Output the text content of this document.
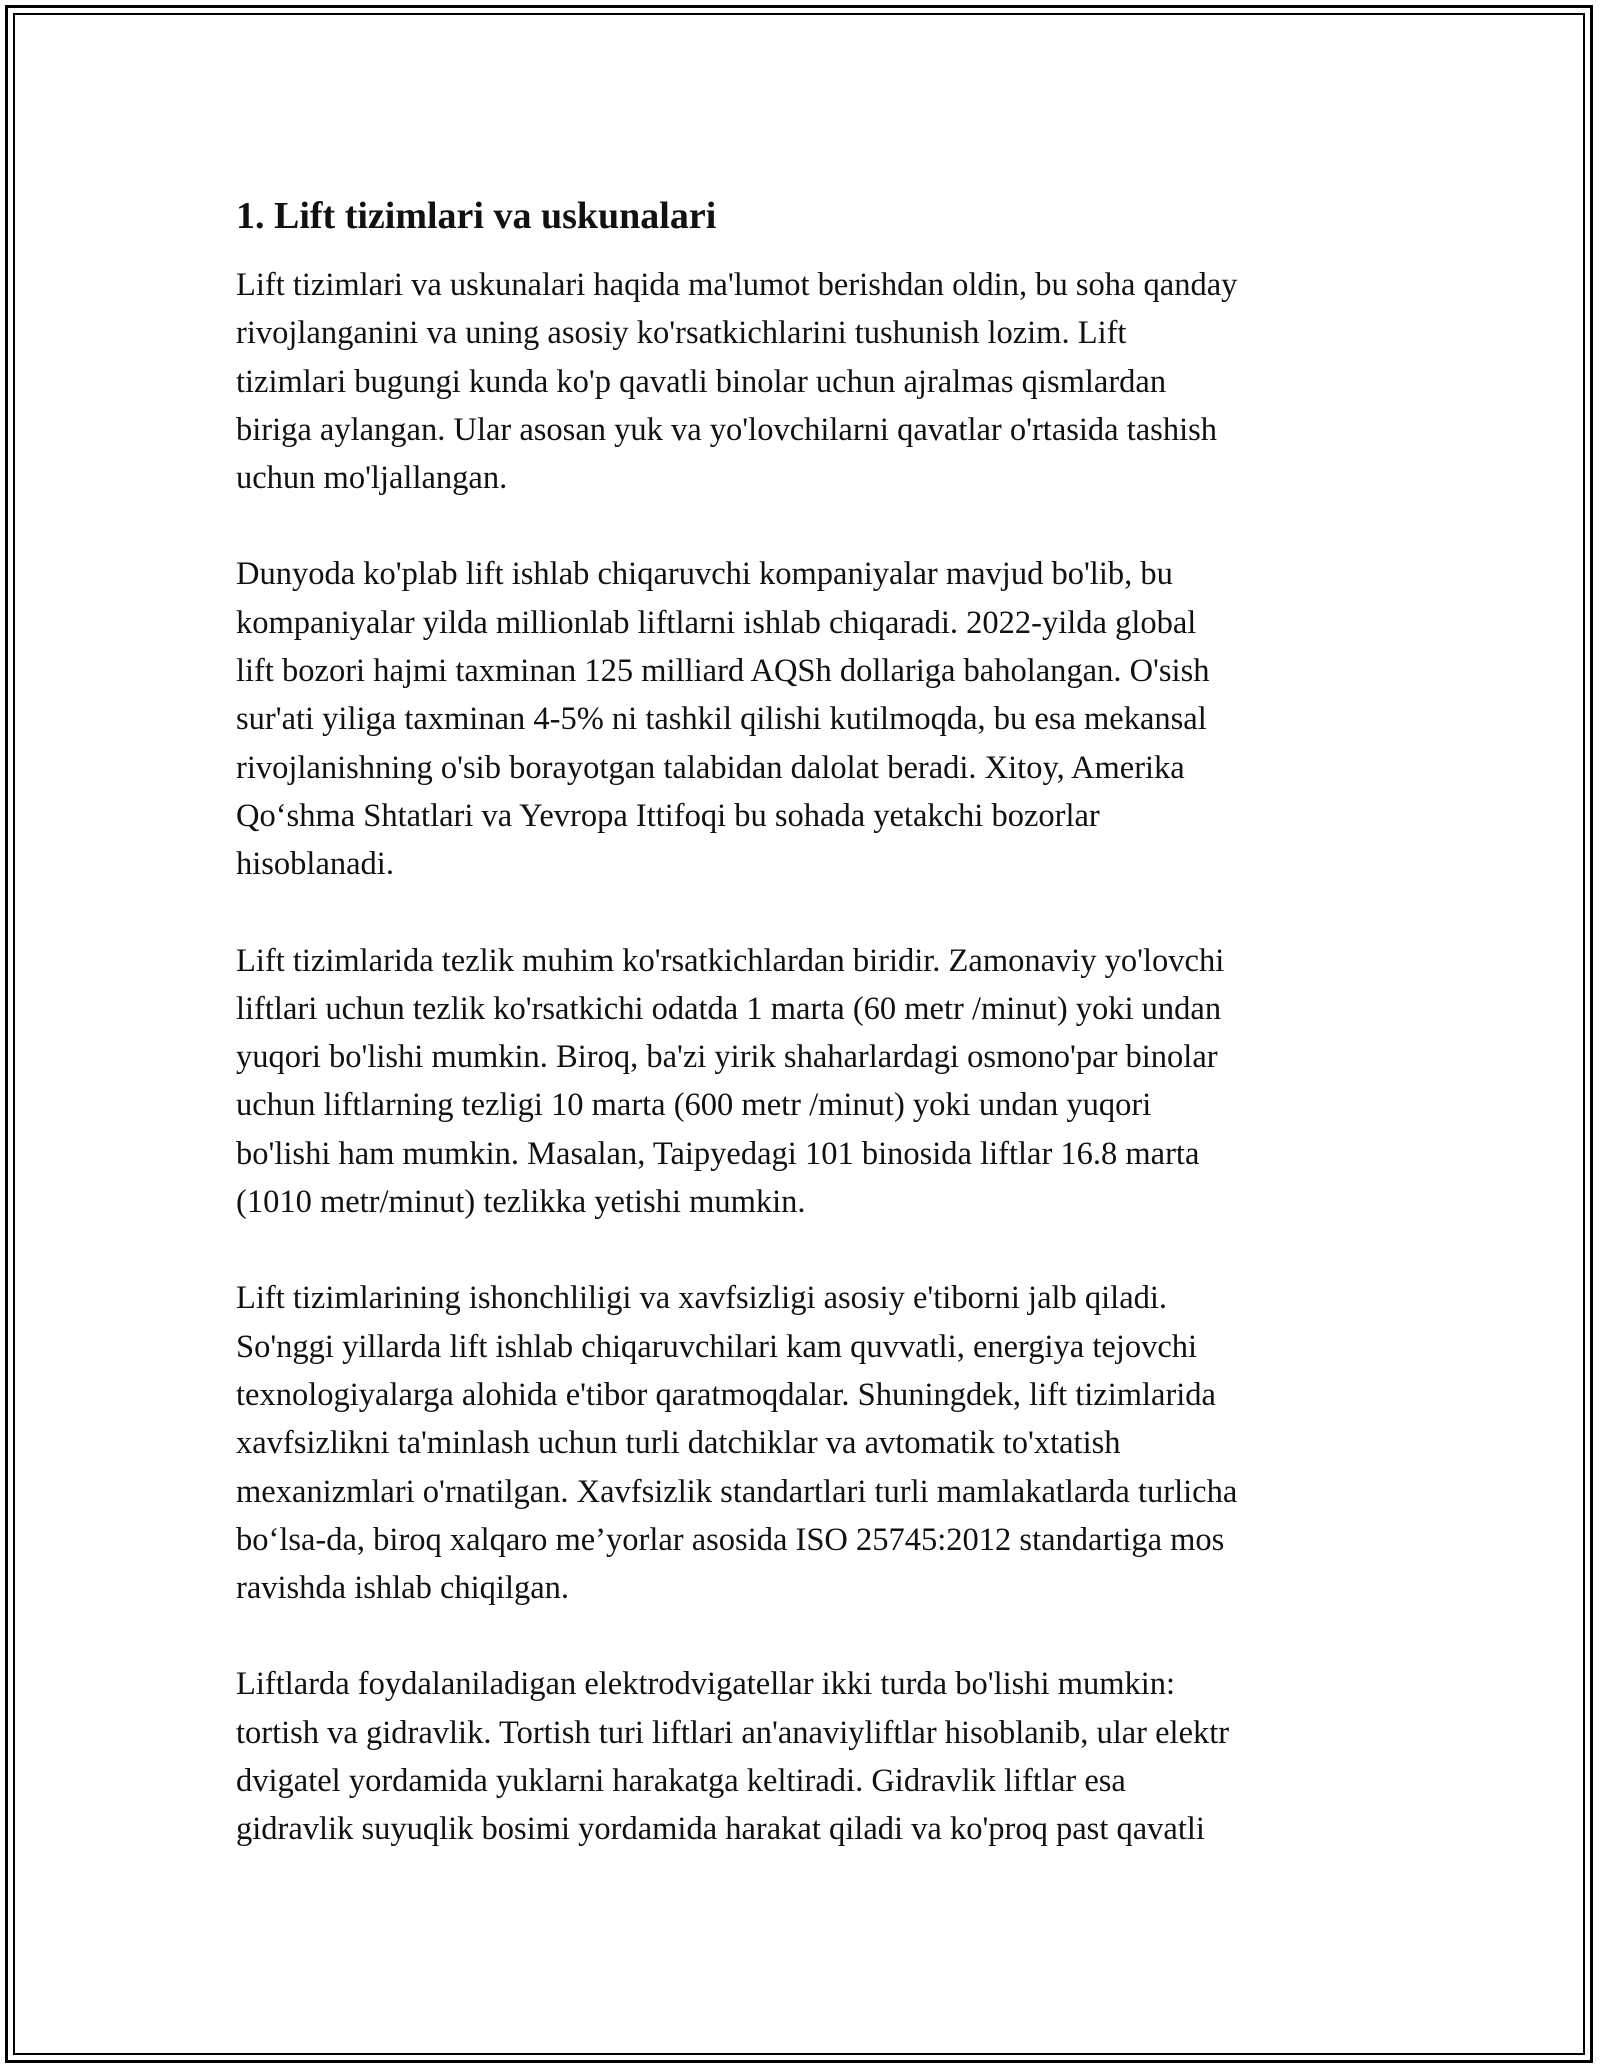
1. Lift tizimlari va uskunalari
Lift tizimlari va uskunalari haqida ma'lumot berishdan oldin, bu soha qanday
rivojlanganini va uning asosiy ko'rsatkichlarini tushunish lozim. Lift
tizimlari bugungi kunda ko'p qavatli binolar uchun ajralmas qismlardan
biriga aylangan. Ular asosan yuk va yo'lovchilarni qavatlar o'rtasida tashish
uchun mo'ljallangan.
Dunyoda ko'plab lift ishlab chiqaruvchi kompaniyalar mavjud bo'lib, bu
kompaniyalar yilda millionlab liftlarni ishlab chiqaradi. 2022-yilda global
lift bozori hajmi taxminan 125 milliard AQSh dollariga baholangan. O'sish
sur'ati yiliga taxminan 4-5% ni tashkil qilishi kutilmoqda, bu esa mekansal
rivojlanishning o'sib borayotgan talabidan dalolat beradi. Xitoy, Amerika
Qo‘shma Shtatlari va Yevropa Ittifoqi bu sohada yetakchi bozorlar
hisoblanadi.
Lift tizimlarida tezlik muhim ko'rsatkichlardan biridir. Zamonaviy yo'lovchi
liftlari uchun tezlik ko'rsatkichi odatda 1 marta (60 metr /minut) yoki undan
yuqori bo'lishi mumkin. Biroq, ba'zi yirik shaharlardagi osmono'par binolar
uchun liftlarning tezligi 10 marta (600 metr /minut) yoki undan yuqori
bo'lishi ham mumkin. Masalan, Taipyedagi 101 binosida liftlar 16.8 marta
(1010 metr/minut) tezlikka yetishi mumkin.
Lift tizimlarining ishonchliligi va xavfsizligi asosiy e'tiborni jalb qiladi.
So'nggi yillarda lift ishlab chiqaruvchilari kam quvvatli, energiya tejovchi
texnologiyalarga alohida e'tibor qaratmoqdalar. Shuningdek, lift tizimlarida
xavfsizlikni ta'minlash uchun turli datchiklar va avtomatik to'xtatish
mexanizmlari o'rnatilgan. Xavfsizlik standartlari turli mamlakatlarda turlicha
bo‘lsa-da, biroq xalqaro me’yorlar asosida ISO 25745:2012 standartiga mos
ravishda ishlab chiqilgan.
Liftlarda foydalaniladigan elektrodvigatellar ikki turda bo'lishi mumkin:
tortish va gidravlik. Tortish turi liftlari an'anaviyliftlar hisoblanib, ular elektr
dvigatel yordamida yuklarni harakatga keltiradi. Gidravlik liftlar esa
gidravlik suyuqlik bosimi yordamida harakat qiladi va ko'proq past qavatli
